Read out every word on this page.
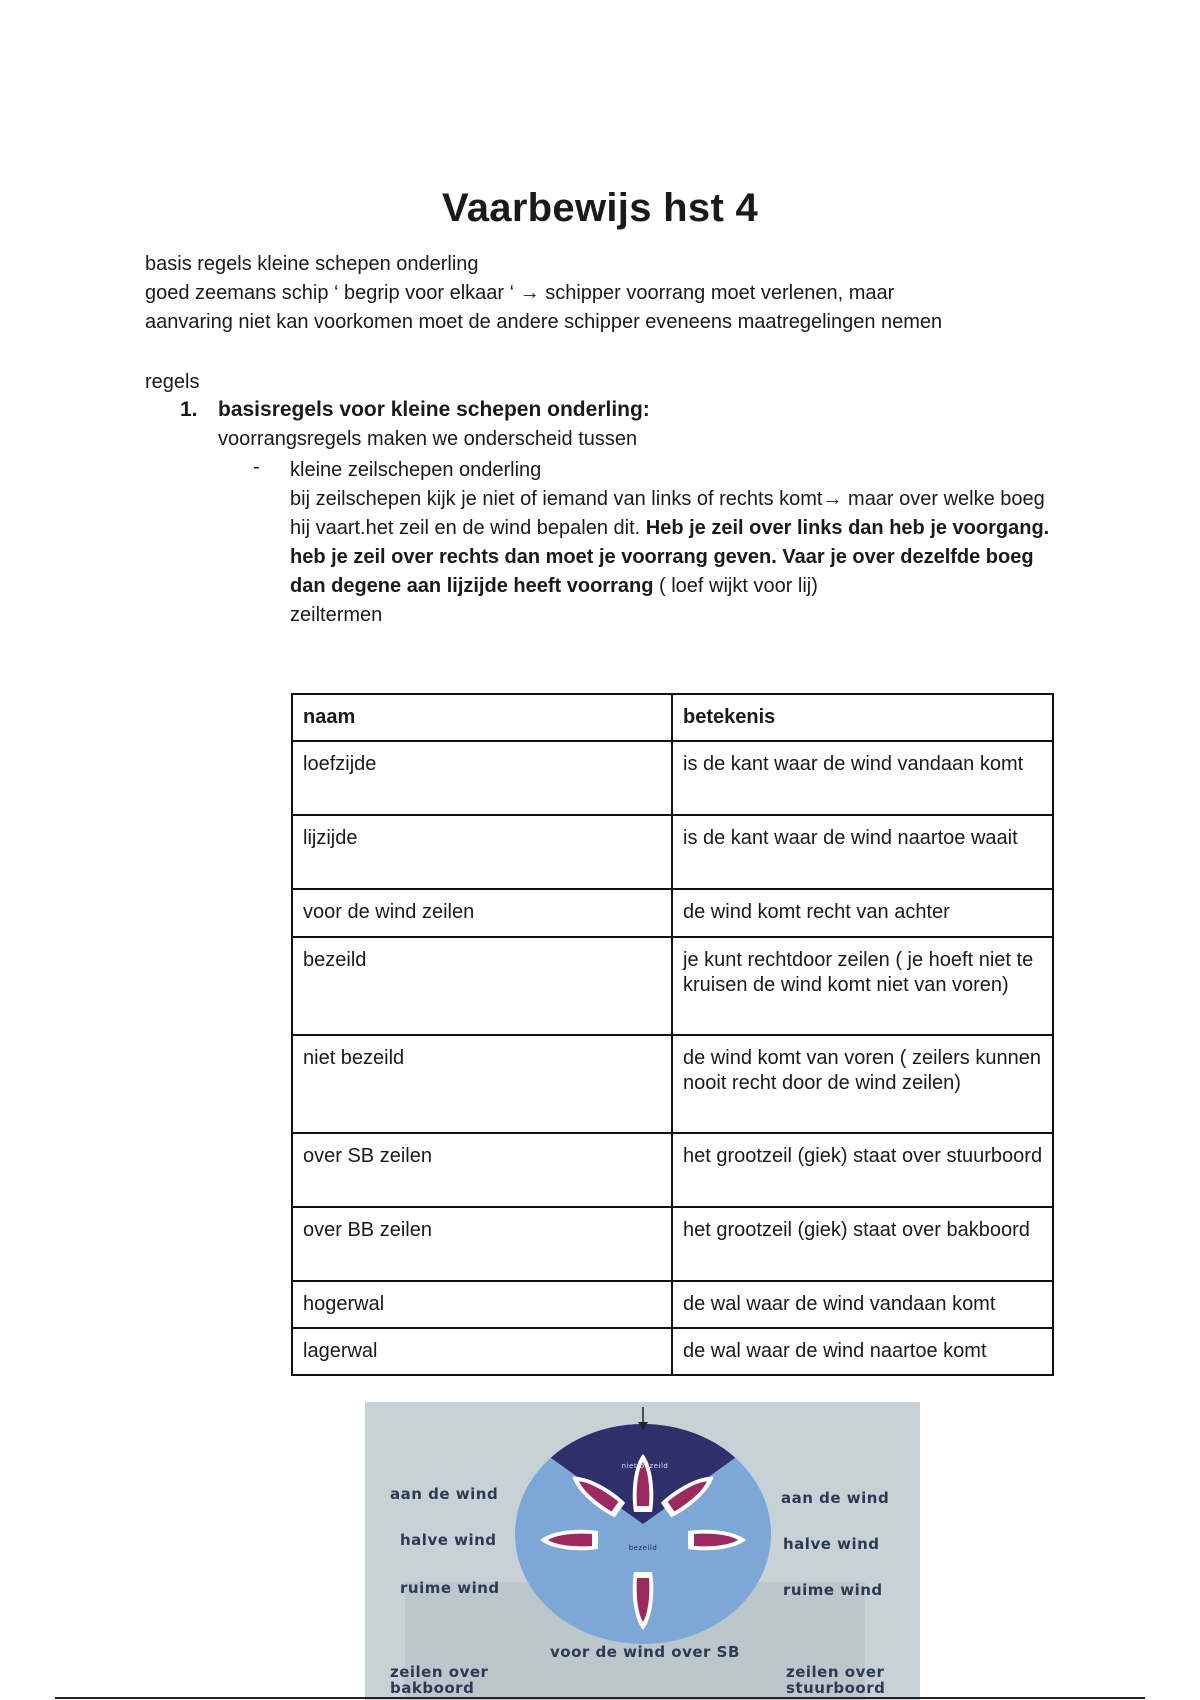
Vaarbewijs hst 4

basis regels kleine schepen onderling

goed zeemans schip ‘ begrip voor elkaar ‘ → schipper voorrang moet verlenen, maar

aanvaring niet kan voorkomen moet de andere schipper eveneens maatregelingen nemen

regels

1. basisregels voor kleine schepen onderling:
voorrangsregels maken we onderscheid tussen
- kleine zeilschepen onderling

bij zeilschepen kijk je niet of iemand van links of rechts komt→ maar over welke boeg hij vaart.het zeil en de wind bepalen dit. Heb je zeil over links dan heb je voorgang. heb je zeil over rechts dan moet je voorrang geven. Vaar je over dezelfde boeg dan degene aan lijzijde heeft voorrang ( loef wijkt voor lij)

zeiltermen

naam	betekenis
loefzijde	is de kant waar de wind vandaan komt
lijzijde	is de kant waar de wind naartoe waait
voor de wind zeilen	de wind komt recht van achter
bezeild	je kunt rechtdoor zeilen ( je hoeft niet te kruisen de wind komt niet van voren)
niet bezeild	de wind komt van voren ( zeilers kunnen nooit recht door de wind zeilen)
over SB zeilen	het grootzeil (giek) staat over stuurboord
over BB zeilen	het grootzeil (giek) staat over bakboord
hogerwal	de wal waar de wind vandaan komt
lagerwal	de wal waar de wind naartoe komt
niet bezeild
bezeild
aan de wind
halve wind
ruime wind
aan de wind
halve wind
ruime wind
voor de wind over SB
zeilen over
bakboord
zeilen over
stuurboord
